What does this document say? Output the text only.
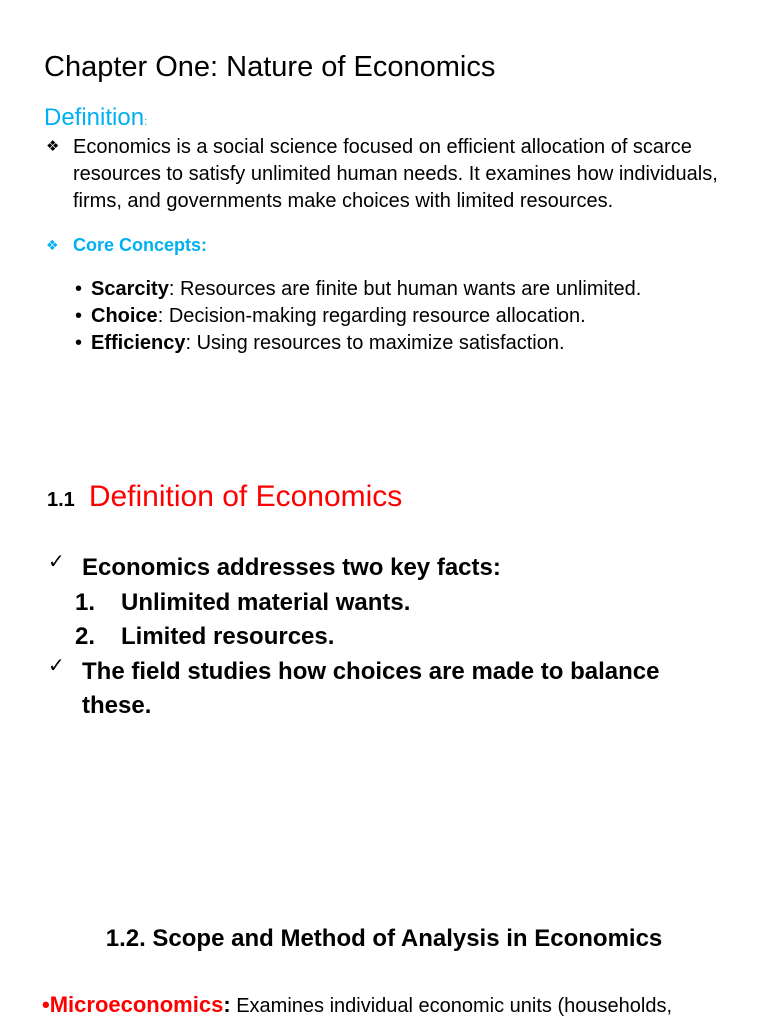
Chapter One: Nature of Economics
Definition:
❖ Economics is a social science focused on efficient allocation of scarce resources to satisfy unlimited human needs. It examines how individuals, firms, and governments make choices with limited resources.

❖ Core Concepts:
• Scarcity: Resources are finite but human wants are unlimited.
• Choice: Decision-making regarding resource allocation.
• Efficiency: Using resources to maximize satisfaction.
1.1 Definition of Economics
✓ Economics addresses two key facts:
1. Unlimited material wants.
2. Limited resources.
✓ The field studies how choices are made to balance these.
1.2. Scope and Method of Analysis in Economics
•Microeconomics: Examines individual economic units (households,
